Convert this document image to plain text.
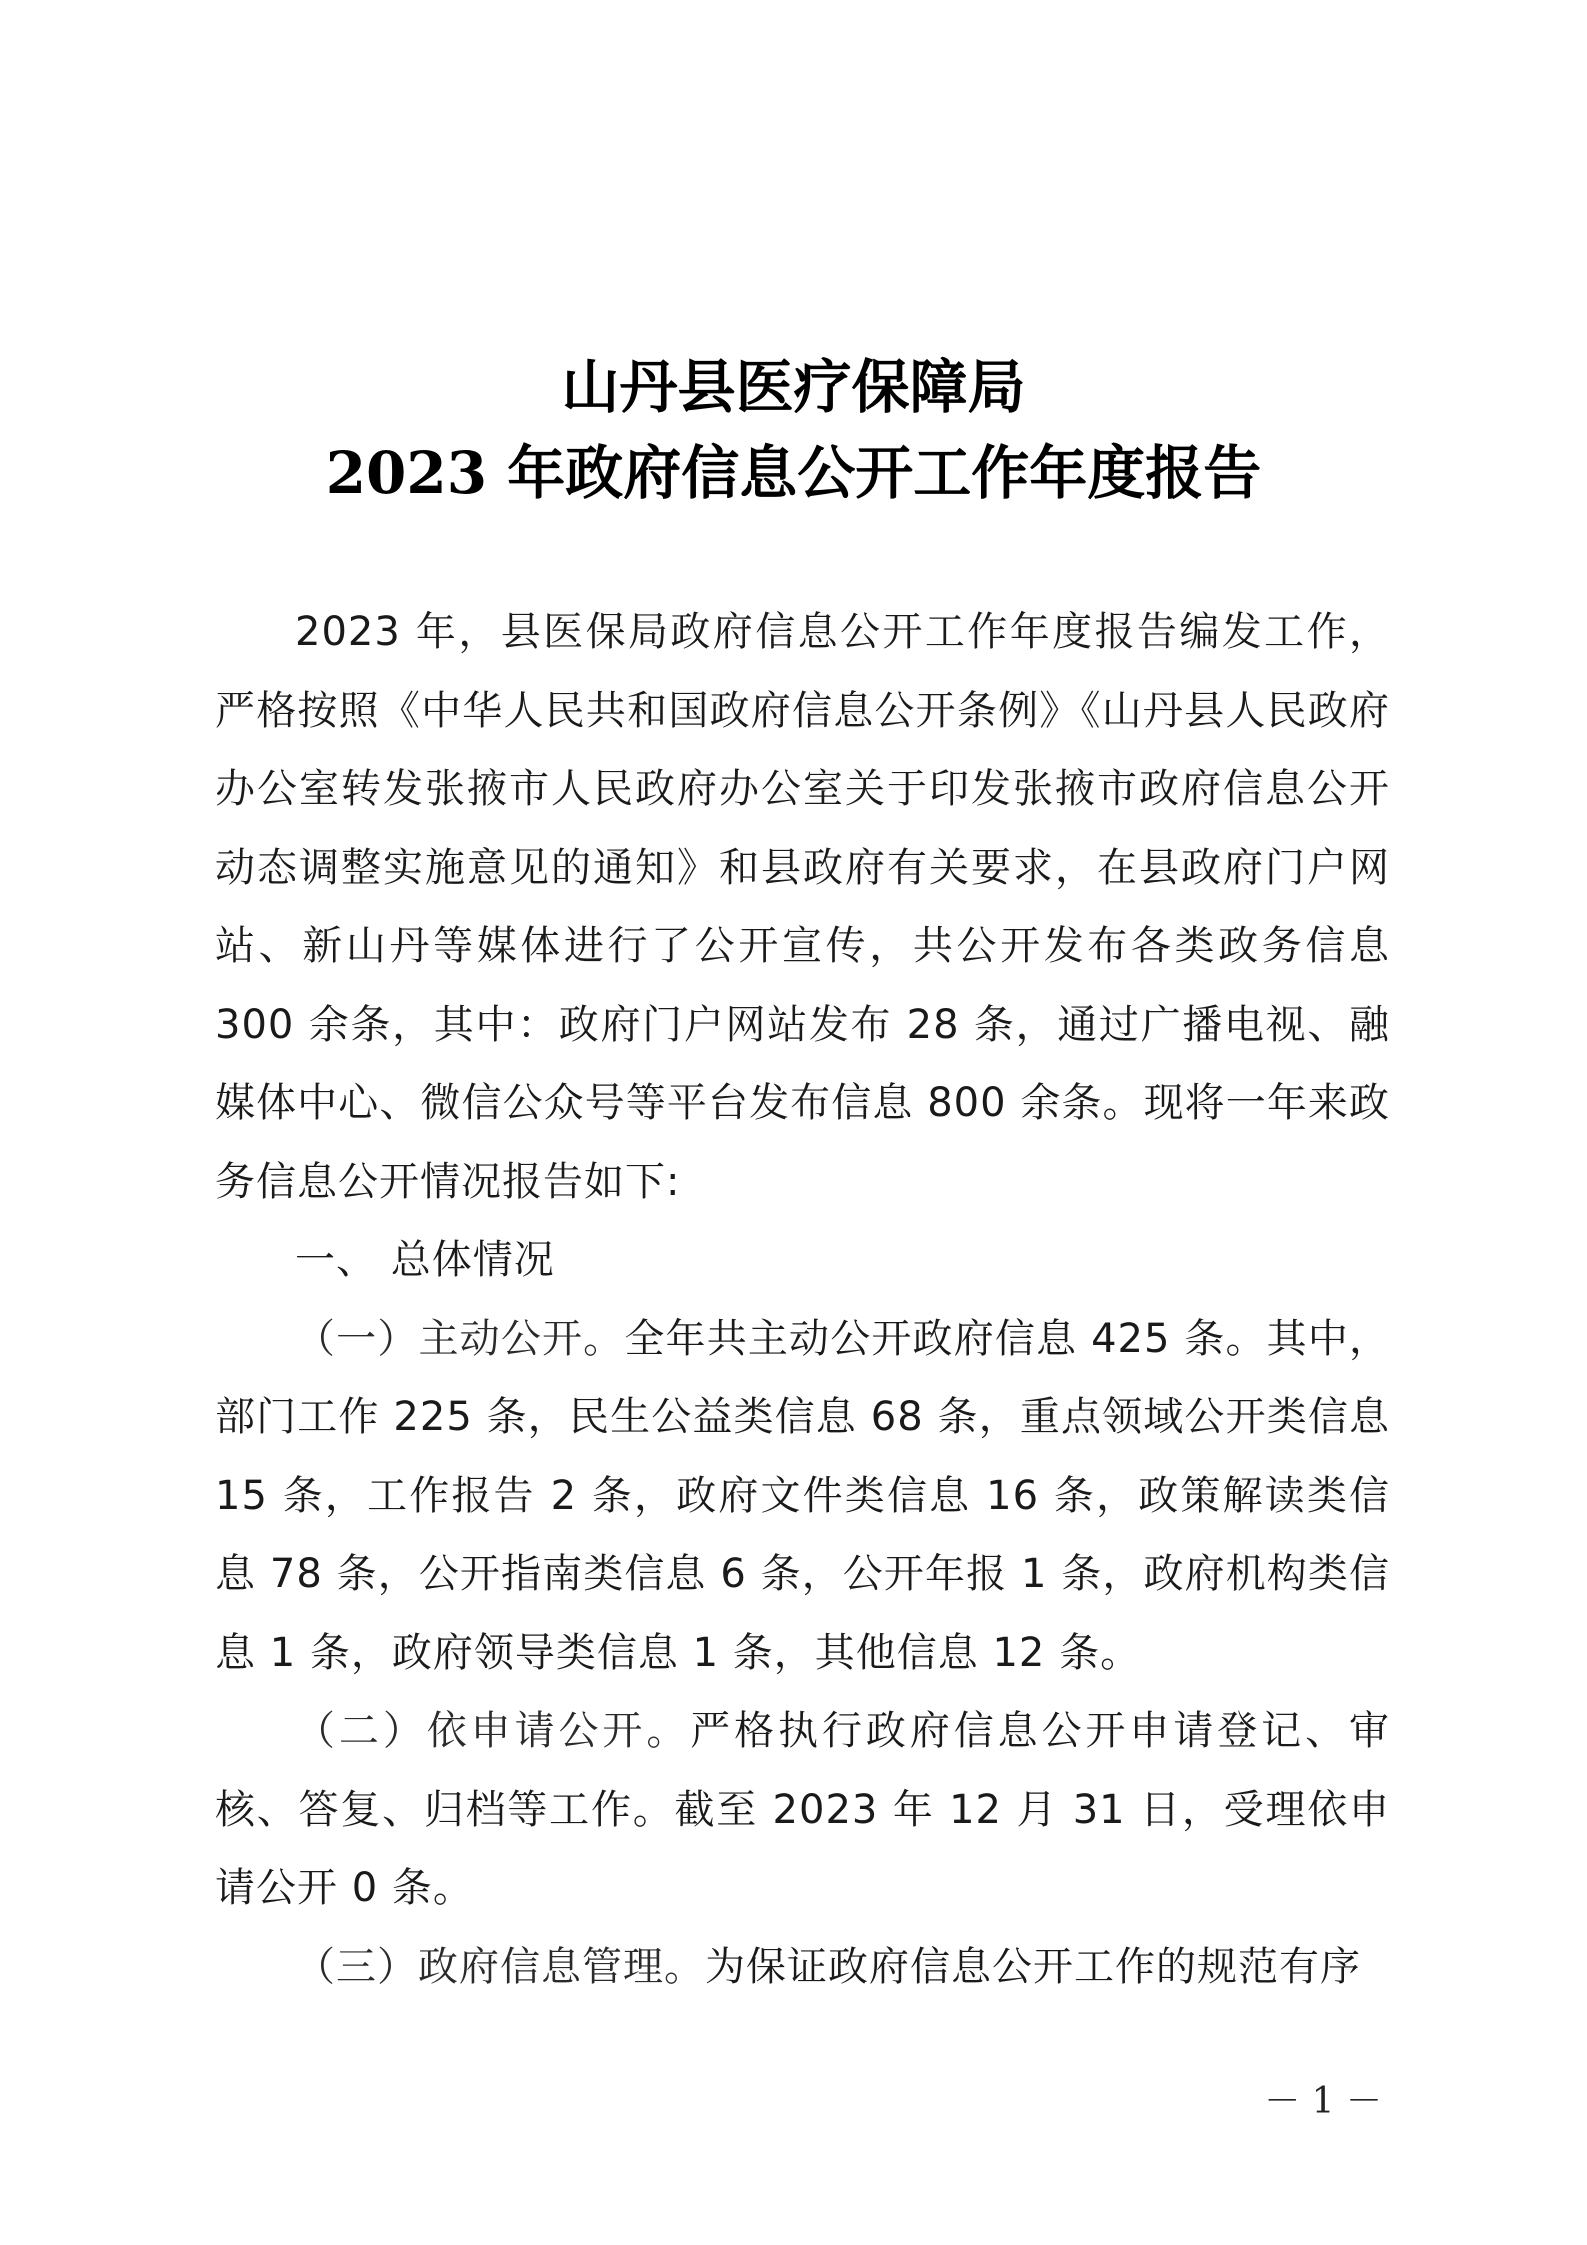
山丹县医疗保障局
2023 年政府信息公开工作年度报告

2023 年，县医保局政府信息公开工作年度报告编发工作，严格按照《中华人民共和国政府信息公开条例》《山丹县人民政府办公室转发张掖市人民政府办公室关于印发张掖市政府信息公开动态调整实施意见的通知》和县政府有关要求，在县政府门户网站、新山丹等媒体进行了公开宣传，共公开发布各类政务信息 300 余条，其中：政府门户网站发布 28 条，通过广播电视、融媒体中心、微信公众号等平台发布信息 800 余条。现将一年来政务信息公开情况报告如下:

一、 总体情况

（一）主动公开。全年共主动公开政府信息 425 条。其中，部门工作 225 条，民生公益类信息 68 条，重点领域公开类信息 15 条，工作报告 2 条，政府文件类信息 16 条，政策解读类信息 78 条，公开指南类信息 6 条，公开年报 1 条，政府机构类信息 1 条，政府领导类信息 1 条，其他信息 12 条。

（二）依申请公开。严格执行政府信息公开申请登记、审核、答复、归档等工作。截至 2023 年 12 月 31 日，受理依申请公开 0 条。

（三）政府信息管理。为保证政府信息公开工作的规范有序

－ 1 －
